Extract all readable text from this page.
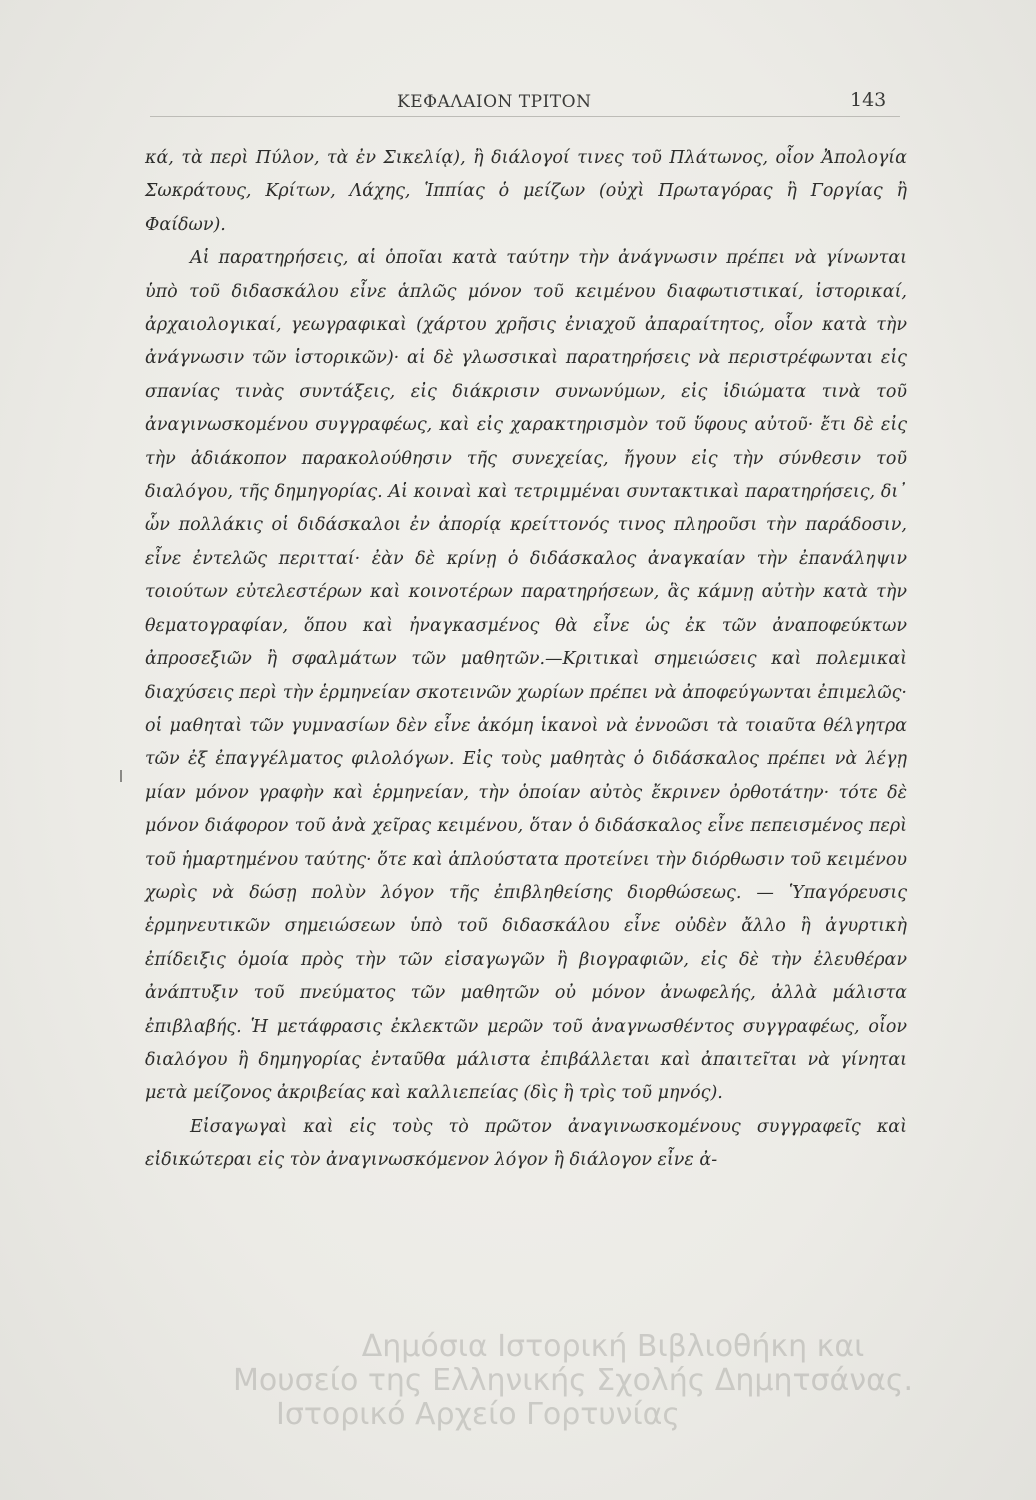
ΚΕΦΑΛΑΙΟΝ ΤΡΙΤΟΝ	143

κά, τὰ περὶ Πύλον, τὰ ἐν Σικελίᾳ), ἢ διάλογοί τινες τοῦ Πλάτωνος, οἷον Ἀπολογία Σωκράτους, Κρίτων, Λάχης, Ἱππίας ὁ μείζων (οὐχὶ Πρωταγόρας ἢ Γοργίας ἢ Φαίδων).

Αἱ παρατηρήσεις, αἱ ὁποῖαι κατὰ ταύτην τὴν ἀνάγνωσιν πρέπει νὰ γίνωνται ὑπὸ τοῦ διδασκάλου εἶνε ἁπλῶς μόνον τοῦ κειμένου διαφωτιστικαί, ἱστορικαί, ἀρχαιολογικαί, γεωγραφικαὶ (χάρτου χρῆσις ἐνιαχοῦ ἀπαραίτητος, οἷον κατὰ τὴν ἀνάγνωσιν τῶν ἱστορικῶν)· αἱ δὲ γλωσσικαὶ παρατηρήσεις νὰ περιστρέφωνται εἰς σπανίας τινὰς συντάξεις, εἰς διάκρισιν συνωνύμων, εἰς ἰδιώματα τινὰ τοῦ ἀναγινωσκομένου συγγραφέως, καὶ εἰς χαρακτηρισμὸν τοῦ ὕφους αὐτοῦ· ἔτι δὲ εἰς τὴν ἀδιάκοπον παρακολούθησιν τῆς συνεχείας, ἤγουν εἰς τὴν σύνθεσιν τοῦ διαλόγου, τῆς δημηγορίας. Αἱ κοιναὶ καὶ τετριμμέναι συντακτικαὶ παρατηρήσεις, δι᾽ ὧν πολλάκις οἱ διδάσκαλοι ἐν ἀπορίᾳ κρείττονός τινος πληροῦσι τὴν παράδοσιν, εἶνε ἐντελῶς περιτταί· ἐὰν δὲ κρίνῃ ὁ διδάσκαλος ἀναγκαίαν τὴν ἐπανάληψιν τοιούτων εὐτελεστέρων καὶ κοινοτέρων παρατηρήσεων, ἃς κάμνῃ αὐτὴν κατὰ τὴν θεματογραφίαν, ὅπου καὶ ἠναγκασμένος θὰ εἶνε ὡς ἐκ τῶν ἀναποφεύκτων ἀπροσεξιῶν ἢ σφαλμάτων τῶν μαθητῶν.—Κριτικαὶ σημειώσεις καὶ πολεμικαὶ διαχύσεις περὶ τὴν ἑρμηνείαν σκοτεινῶν χωρίων πρέπει νὰ ἀποφεύγωνται ἐπιμελῶς· οἱ μαθηταὶ τῶν γυμνασίων δὲν εἶνε ἀκόμη ἱκανοὶ νὰ ἐννοῶσι τὰ τοιαῦτα θέλγητρα τῶν ἐξ ἐπαγγέλματος φιλολόγων. Εἰς τοὺς μαθητὰς ὁ διδάσκαλος πρέπει νὰ λέγῃ μίαν μόνον γραφὴν καὶ ἑρμηνείαν, τὴν ὁποίαν αὐτὸς ἔκρινεν ὀρθοτάτην· τότε δὲ μόνον διάφορον τοῦ ἀνὰ χεῖρας κειμένου, ὅταν ὁ διδάσκαλος εἶνε πεπεισμένος περὶ τοῦ ἡμαρτημένου ταύτης· ὅτε καὶ ἁπλούστατα προτείνει τὴν διόρθωσιν τοῦ κειμένου χωρὶς νὰ δώσῃ πολὺν λόγον τῆς ἐπιβληθείσης διορθώσεως. — Ὑπαγόρευσις ἑρμηνευτικῶν σημειώσεων ὑπὸ τοῦ διδασκάλου εἶνε οὐδὲν ἄλλο ἢ ἀγυρτικὴ ἐπίδειξις ὁμοία πρὸς τὴν τῶν εἰσαγωγῶν ἢ βιογραφιῶν, εἰς δὲ τὴν ἐλευθέραν ἀνάπτυξιν τοῦ πνεύματος τῶν μαθητῶν οὐ μόνον ἀνωφελής, ἀλλὰ μάλιστα ἐπιβλαβής. Ἡ μετάφρασις ἐκλεκτῶν μερῶν τοῦ ἀναγνωσθέντος συγγραφέως, οἷον διαλόγου ἢ δημηγορίας ἐνταῦθα μάλιστα ἐπιβάλλεται καὶ ἀπαιτεῖται νὰ γίνηται μετὰ μείζονος ἀκριβείας καὶ καλλιεπείας (δὶς ἢ τρὶς τοῦ μηνός).

Εἰσαγωγαὶ καὶ εἰς τοὺς τὸ πρῶτον ἀναγινωσκομένους συγγραφεῖς καὶ εἰδικώτεραι εἰς τὸν ἀναγινωσκόμενον λόγον ἢ διάλογον εἶνε ἀ-

Δημόσια Ιστορική Βιβλιοθήκη και
Μουσείο της Ελληνικής Σχολής Δημητσάνας.
Ιστορικό Αρχείο Γορτυνίας
